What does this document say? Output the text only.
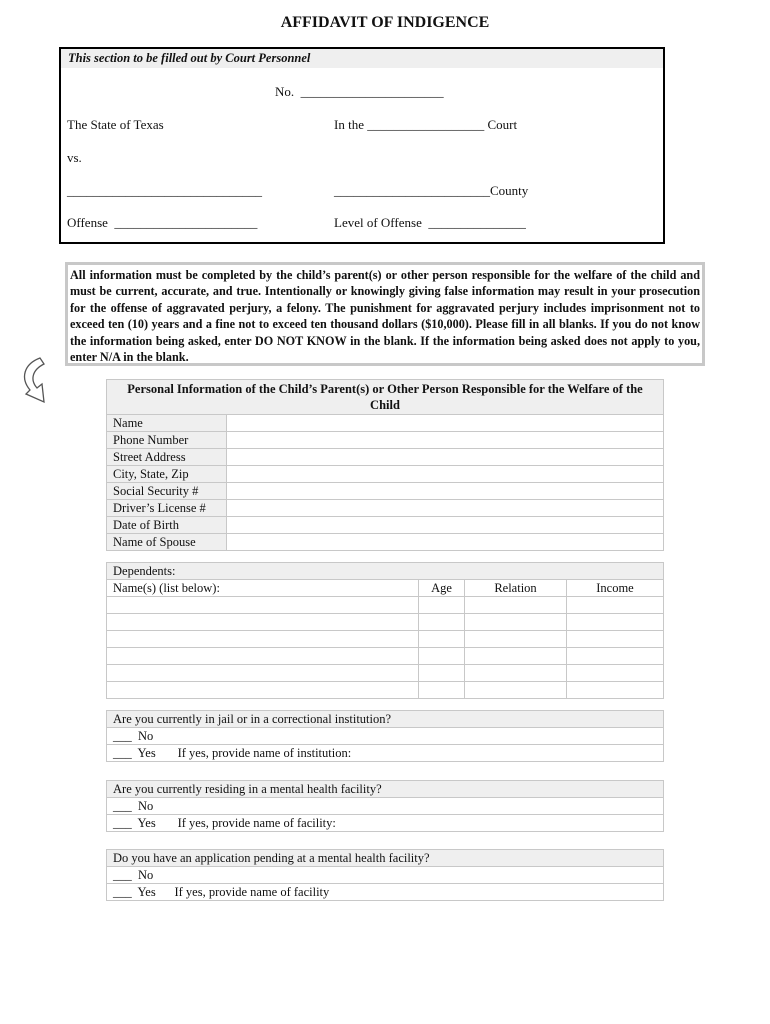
AFFIDAVIT OF INDIGENCE
This section to be filled out by Court Personnel
No.  ______________________
The State of Texas	In the __________________ Court
vs.
______________________________	________________________County
Offense  ______________________	Level of Offense  _______________
All information must be completed by the child’s parent(s) or other person responsible for the welfare of the child and must be current, accurate, and true. Intentionally or knowingly giving false information may result in your prosecution for the offense of aggravated perjury, a felony. The punishment for aggravated perjury includes imprisonment not to exceed ten (10) years and a fine not to exceed ten thousand dollars ($10,000). Please fill in all blanks. If you do not know the information being asked, enter DO NOT KNOW in the blank. If the information being asked does not apply to you, enter N/A in the blank.
Personal Information of the Child’s Parent(s) or Other Person Responsible for the Welfare of the Child	
Name	
Phone Number	
Street Address	
City, State, Zip	
Social Security #	
Driver’s License #	
Date of Birth	
Name of Spouse	
Dependents:			
Name(s) (list below):	Age	Relation	Income

Are you currently in jail or in a correctional institution?
___  No
___  Yes       If yes, provide name of institution:
Are you currently residing in a mental health facility?
___  No
___  Yes       If yes, provide name of facility:
Do you have an application pending at a mental health facility?
___  No
___  Yes      If yes, provide name of facility
